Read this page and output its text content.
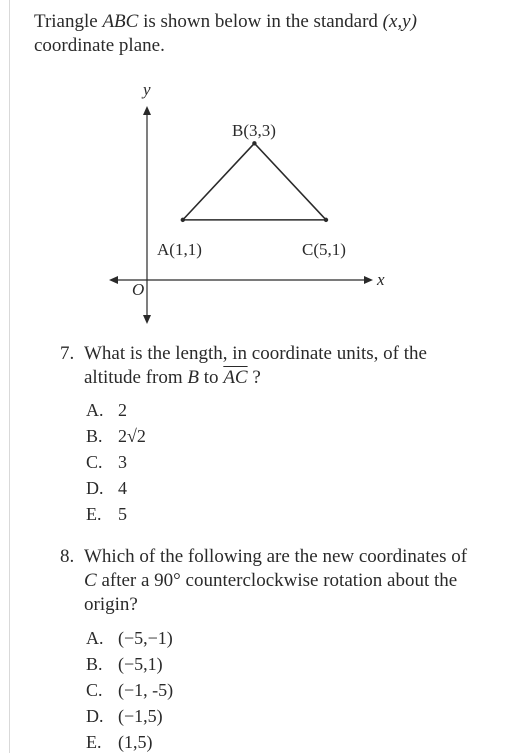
Triangle ABC is shown below in the standard (x,y) coordinate plane.
y
x
O
A(1,1)
B(3,3)
C(5,1)
7. What is the length, in coordinate units, of the altitude from B to $\overline{AC}$ ?
A. 2
B. 2√2
C. 3
D. 4
E. 5
8. Which of the following are the new coordinates of C after a 90° counterclockwise rotation about the origin?
A. (−5,−1)
B. (−5,1)
C. (−1, -5)
D. (−1,5)
E. (1,5)
